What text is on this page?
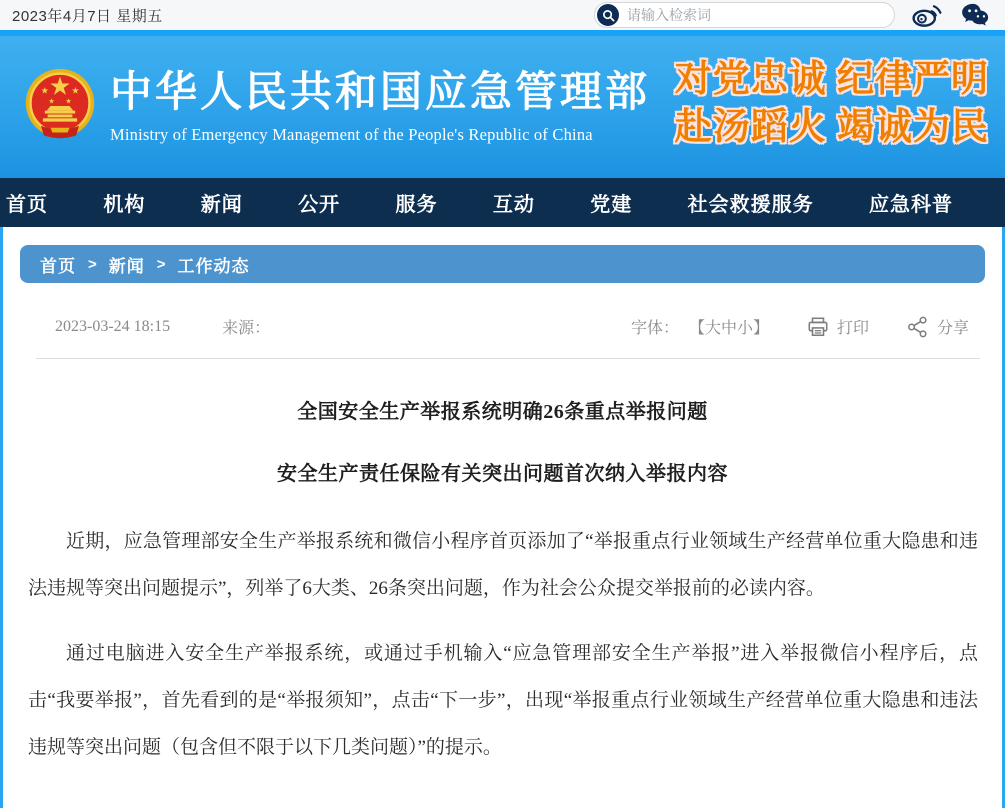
2023年4月7日 星期五
请输入检索词
中华人民共和国应急管理部
Ministry of Emergency Management of the People's Republic of China
对党忠诚 纪律严明
赴汤蹈火 竭诚为民
首页	机构	新闻	公开	服务	互动	党建	社会救援服务	应急科普
首页 > 新闻 > 工作动态
2023-03-24 18:15	来源：	字体： 【大中小】	打印	分享
全国安全生产举报系统明确26条重点举报问题
安全生产责任保险有关突出问题首次纳入举报内容

近期，应急管理部安全生产举报系统和微信小程序首页添加了“举报重点行业领域生产经营单位重大隐患和违法违规等突出问题提示”，列举了6大类、26条突出问题，作为社会公众提交举报前的必读内容。

通过电脑进入安全生产举报系统，或通过手机输入“应急管理部安全生产举报”进入举报微信小程序后，点击“我要举报”，首先看到的是“举报须知”，点击“下一步”，出现“举报重点行业领域生产经营单位重大隐患和违法违规等突出问题（包含但不限于以下几类问题）”的提示。
